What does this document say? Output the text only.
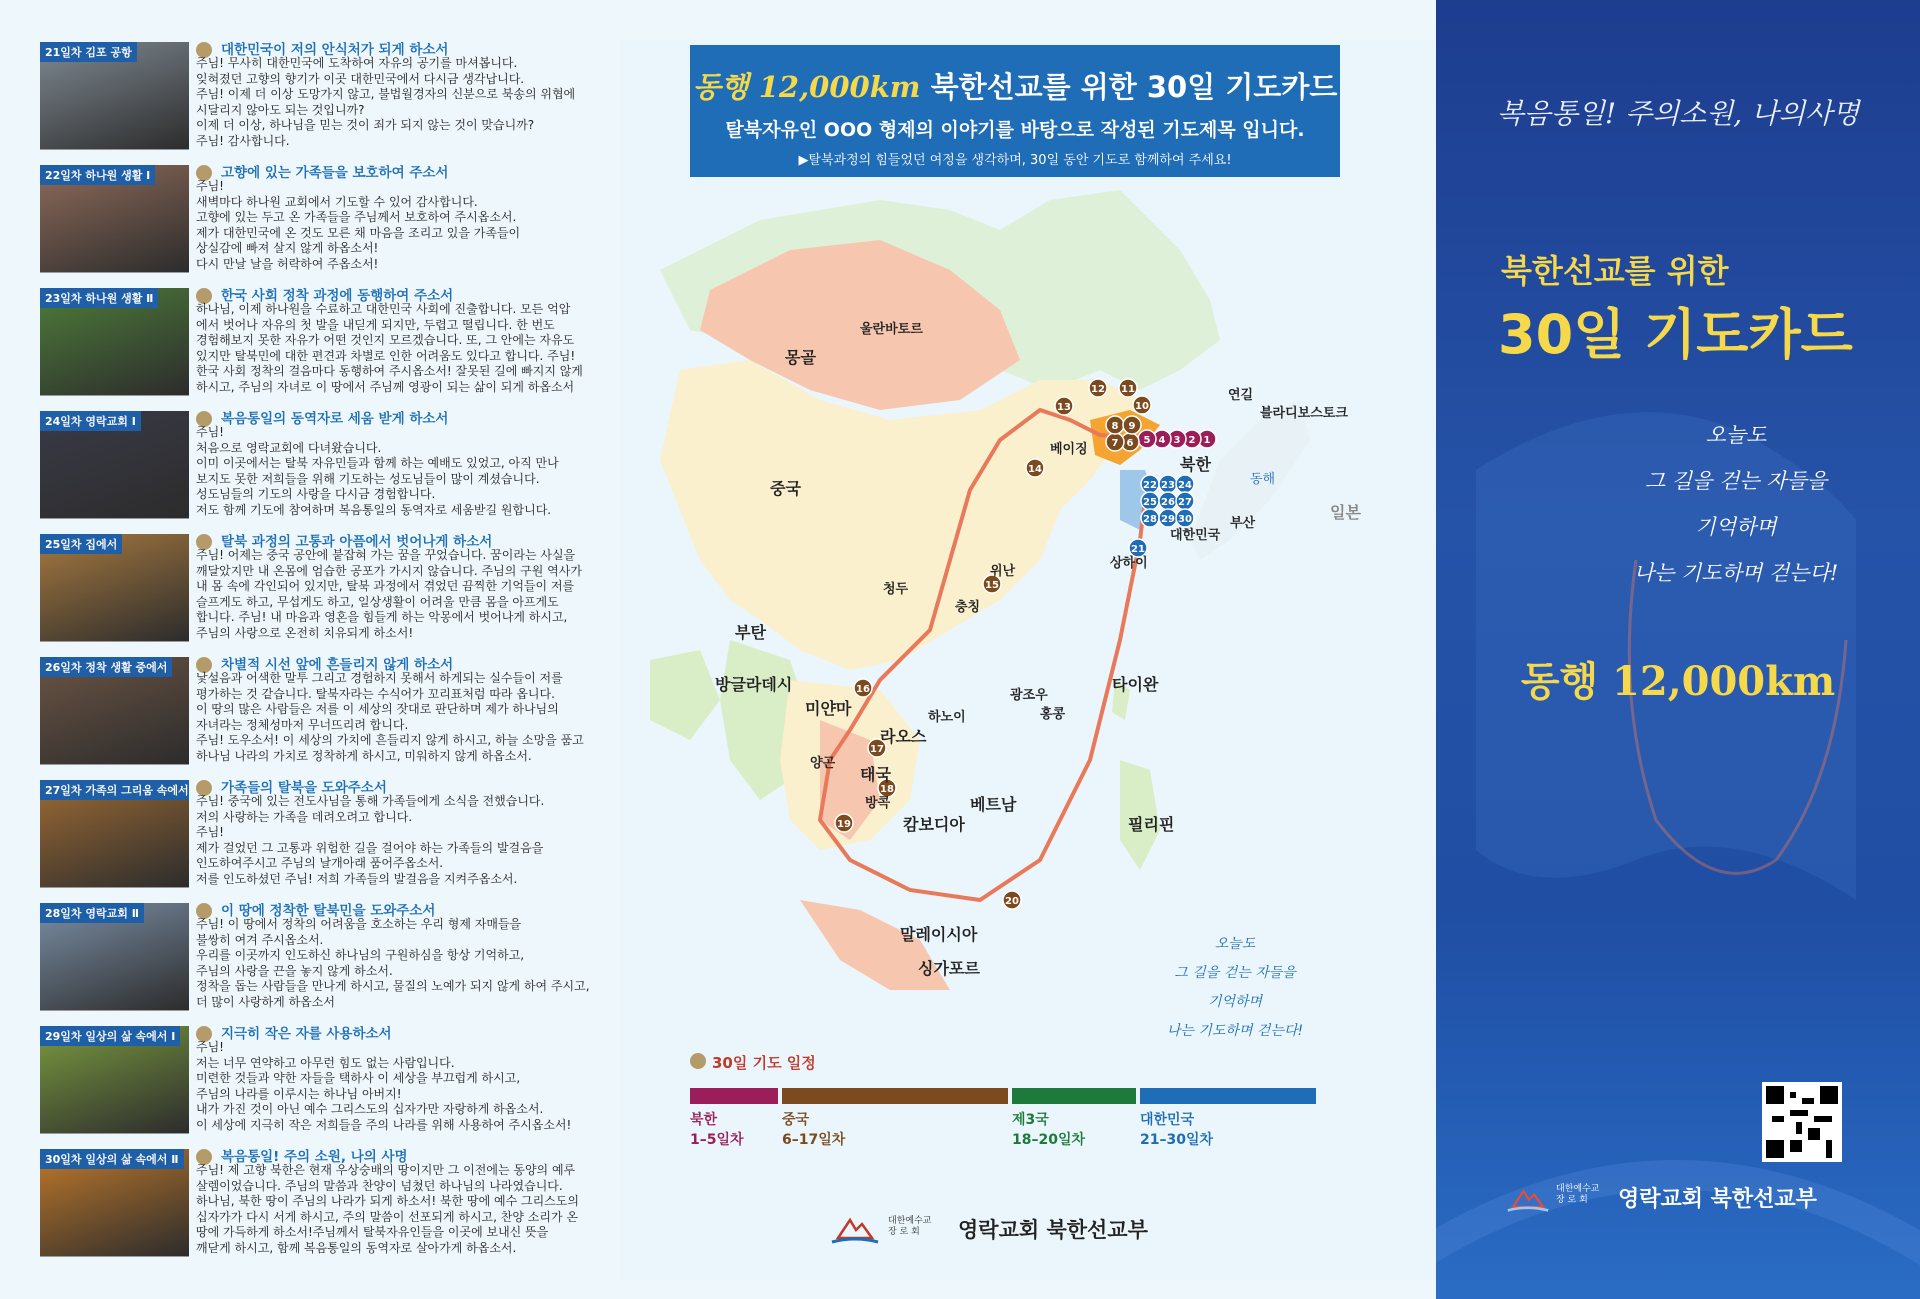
21일차 김포 공항	대한민국이 저의 안식처가 되게 하소서
주님! 무사히 대한민국에 도착하여 자유의 공기를 마셔봅니다.
잊혀졌던 고향의 향기가 이곳 대한민국에서 다시금 생각납니다.
주님! 이제 더 이상 도망가지 않고, 불법월경자의 신분으로 북송의 위협에
시달리지 않아도 되는 것입니까?
이제 더 이상, 하나님을 믿는 것이 죄가 되지 않는 것이 맞습니까?
주님! 감사합니다.
22일차 하나원 생활 Ⅰ	고향에 있는 가족들을 보호하여 주소서
주님!
새벽마다 하나원 교회에서 기도할 수 있어 감사합니다.
고향에 있는 두고 온 가족들을 주님께서 보호하여 주시옵소서.
제가 대한민국에 온 것도 모른 채 마음을 조리고 있을 가족들이
상실감에 빠져 살지 않게 하옵소서!
다시 만날 날을 허락하여 주옵소서!
23일차 하나원 생활 Ⅱ	한국 사회 정착 과정에 동행하여 주소서
하나님, 이제 하나원을 수료하고 대한민국 사회에 진출합니다. 모든 억압
에서 벗어나 자유의 첫 발을 내딛게 되지만, 두렵고 떨립니다. 한 번도
경험해보지 못한 자유가 어떤 것인지 모르겠습니다. 또, 그 안에는 자유도
있지만 탈북민에 대한 편견과 차별로 인한 어려움도 있다고 합니다. 주님!
한국 사회 정착의 걸음마다 동행하여 주시옵소서! 잘못된 길에 빠지지 않게
하시고, 주님의 자녀로 이 땅에서 주님께 영광이 되는 삶이 되게 하옵소서
24일차 영락교회 Ⅰ	복음통일의 동역자로 세움 받게 하소서
주님!
처음으로 영락교회에 다녀왔습니다.
이미 이곳에서는 탈북 자유민들과 함께 하는 예배도 있었고, 아직 만나
보지도 못한 저희들을 위해 기도하는 성도님들이 많이 계셨습니다.
성도님들의 기도의 사랑을 다시금 경험합니다.
저도 함께 기도에 참여하며 복음통일의 동역자로 세움받길 원합니다.
25일차 집에서	탈북 과정의 고통과 아픔에서 벗어나게 하소서
주님! 어제는 중국 공안에 붙잡혀 가는 꿈을 꾸었습니다. 꿈이라는 사실을
깨달았지만 내 온몸에 엄습한 공포가 가시지 않습니다. 주님의 구원 역사가
내 몸 속에 각인되어 있지만, 탈북 과정에서 겪었던 끔찍한 기억들이 저를
슬프게도 하고, 무섭게도 하고, 일상생활이 어려울 만큼 몸을 아프게도
합니다. 주님! 내 마음과 영혼을 힘들게 하는 악몽에서 벗어나게 하시고,
주님의 사랑으로 온전히 치유되게 하소서!
26일차 정착 생활 중에서	차별적 시선 앞에 흔들리지 않게 하소서
낯설음과 어색한 말투 그리고 경험하지 못해서 하게되는 실수들이 저를
평가하는 것 같습니다. 탈북자라는 수식어가 꼬리표처럼 따라 옵니다.
이 땅의 많은 사람들은 저를 이 세상의 잣대로 판단하며 제가 하나님의
자녀라는 정체성마저 무너뜨리려 합니다.
주님! 도우소서! 이 세상의 가치에 흔들리지 않게 하시고, 하늘 소망을 품고
하나님 나라의 가치로 정착하게 하시고, 미워하지 않게 하옵소서.
27일차 가족의 그리움 속에서	가족들의 탈북을 도와주소서
주님! 중국에 있는 전도사님을 통해 가족들에게 소식을 전했습니다.
저의 사랑하는 가족을 데려오려고 합니다.
주님!
제가 걸었던 그 고통과 위험한 길을 걸어야 하는 가족들의 발걸음을
인도하여주시고 주님의 날개아래 품어주옵소서.
저를 인도하셨던 주님! 저희 가족들의 발걸음을 지켜주옵소서.
28일차 영락교회 Ⅱ	이 땅에 정착한 탈북민을 도와주소서
주님! 이 땅에서 정착의 어려움을 호소하는 우리 형제 자매들을
불쌍히 여겨 주시옵소서.
우리를 이곳까지 인도하신 하나님의 구원하심을 항상 기억하고,
주님의 사랑을 끈을 놓지 않게 하소서.
정착을 돕는 사람들을 만나게 하시고, 물질의 노예가 되지 않게 하여 주시고,
더 많이 사랑하게 하옵소서
29일차 일상의 삶 속에서 Ⅰ	지극히 작은 자를 사용하소서
주님!
저는 너무 연약하고 아무런 힘도 없는 사람입니다.
미련한 것들과 약한 자들을 택하사 이 세상을 부끄럽게 하시고,
주님의 나라를 이루시는 하나님 아버지!
내가 가진 것이 아닌 예수 그리스도의 십자가만 자랑하게 하옵소서.
이 세상에 지극히 작은 저희들을 주의 나라를 위해 사용하여 주시옵소서!
30일차 일상의 삶 속에서 Ⅱ	복음통일! 주의 소원, 나의 사명
주님! 제 고향 북한은 현재 우상숭배의 땅이지만 그 이전에는 동양의 예루
살렘이었습니다. 주님의 말씀과 찬양이 넘쳤던 하나님의 나라였습니다.
하나님, 북한 땅이 주님의 나라가 되게 하소서! 북한 땅에 예수 그리스도의
십자가가 다시 서게 하시고, 주의 말씀이 선포되게 하시고, 찬양 소리가 온
땅에 가득하게 하소서!주님께서 탈북자유인들을 이곳에 보내신 뜻을
깨닫게 하시고, 함께 복음통일의 동역자로 살아가게 하옵소서.
1
2
3
4
5
6
7
8 9
10
11
12
13
14
15
16
17
18
19
20
21
22 23 24
25 26 27
28 29 30
동행 12,000km 북한선교를 위한 30일 기도카드
탈북자유인 OOO 형제의 이야기를 바탕으로 작성된 기도제목 입니다.
▶탈북과정의 힘들었던 여정을 생각하며, 30일 동안 기도로 함께하여 주세요!
울란바토르
몽골
연길
블라디보스토크
베이징
북한
동해
중국
일본
대한민국
부산
상하이
위난
충칭
청두
부탄
방글라데시
미얀마
라오스
하노이
광조우
홍콩
타이완
양곤
태국
방콕	베트남
캄보디아	필리핀
말레이시아
싱가포르
오늘도
그 길을 걷는 자들을
기억하며
나는 기도하며 걷는다!
30일 기도 일정
북한
1–5일차
중국
6–17일차
제3국
18–20일차
대한민국
21–30일차
대한예수교
장 로 회	영락교회 북한선교부
복음통일! 주의소원, 나의사명
북한선교를 위한
30일 기도카드
오늘도
그 길을 걷는 자들을
기억하며
나는 기도하며 걷는다!
동행 12,000km
대한예수교
장 로 회	영락교회 북한선교부
